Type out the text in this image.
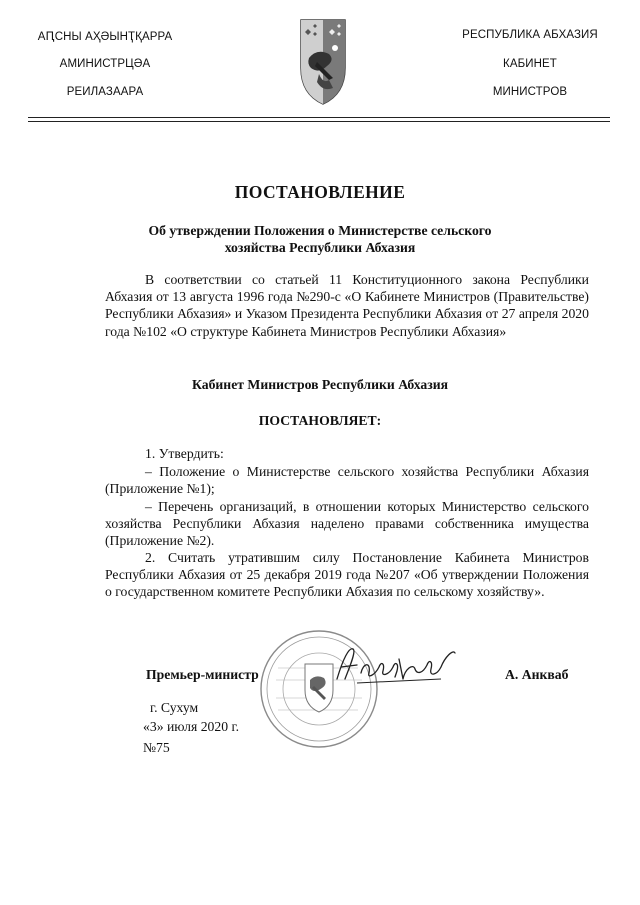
АԤСНЫ АҲӘЫНҬҚАРРА
АМИНИСТРЦӘА
РЕИЛАЗААРА
РЕСПУБЛИКА АБХАЗИЯ
КАБИНЕТ
МИНИСТРОВ
ПОСТАНОВЛЕНИЕ
Об утверждении Положения о Министерстве сельского
хозяйства Республики Абхазия
В соответствии со статьей 11 Конституционного закона Республики Абхазия от 13 августа 1996 года №290-с «О Кабинете Министров (Правительстве) Республики Абхазия» и Указом Президента Республики Абхазия от 27 апреля 2020 года №102 «О структуре Кабинета Министров Республики Абхазия»
Кабинет Министров Республики Абхазия
ПОСТАНОВЛЯЕТ:
1. Утвердить:
– Положение о Министерстве сельского хозяйства Республики Абхазия (Приложение №1);
– Перечень организаций, в отношении которых Министерство сельского хозяйства Республики Абхазия наделено правами собственника имущества (Приложение №2).
2. Считать утратившим силу Постановление Кабинета Министров Республики Абхазия от 25 декабря 2019 года №207 «Об утверждении Положения о государственном комитете Республики Абхазия по сельскому хозяйству».
Премьер-министр	А. Анкваб
г. Сухум
«3» июля 2020 г.
№75
